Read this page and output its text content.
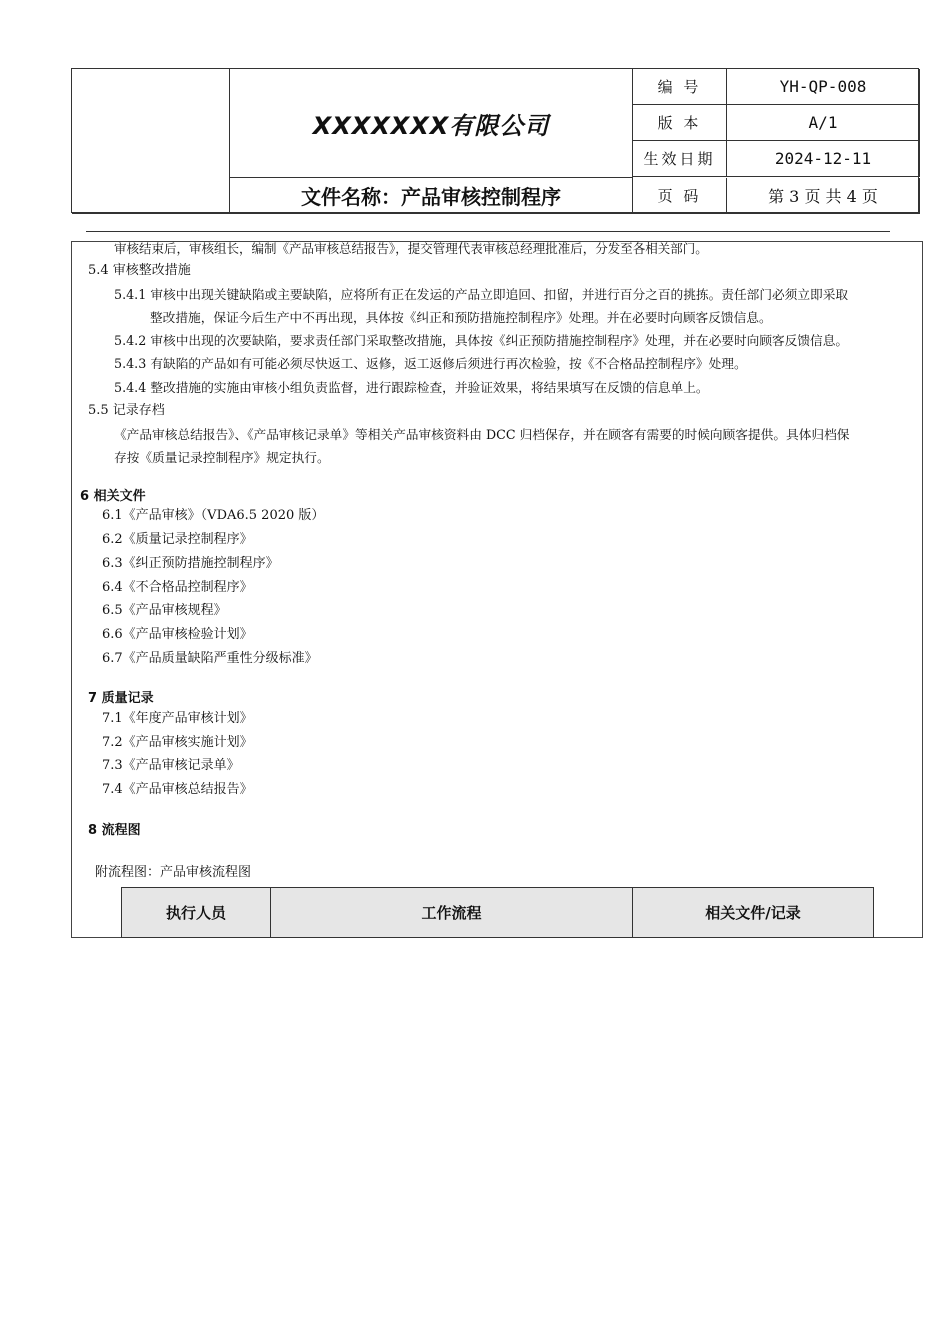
XXXXXXX有限公司
文件名称：产品审核控制程序
编 号	YH-QP-008
版 本	A/1
生效日期	2024-12-11
页 码	第 3 页 共 4 页
审核结束后，审核组长，编制《产品审核总结报告》，提交管理代表审核总经理批准后，分发至各相关部门。
5.4 审核整改措施
5.4.1 审核中出现关键缺陷或主要缺陷，应将所有正在发运的产品立即追回、扣留，并进行百分之百的挑拣。责任部门必须立即采取
整改措施，保证今后生产中不再出现，具体按《纠正和预防措施控制程序》处理。并在必要时向顾客反馈信息。
5.4.2 审核中出现的次要缺陷，要求责任部门采取整改措施，具体按《纠正预防措施控制程序》处理，并在必要时向顾客反馈信息。
5.4.3 有缺陷的产品如有可能必须尽快返工、返修，返工返修后须进行再次检验，按《不合格品控制程序》处理。
5.4.4 整改措施的实施由审核小组负责监督，进行跟踪检查，并验证效果，将结果填写在反馈的信息单上。
5.5 记录存档
《产品审核总结报告》、《产品审核记录单》等相关产品审核资料由 DCC 归档保存，并在顾客有需要的时候向顾客提供。具体归档保
存按《质量记录控制程序》规定执行。
6 相关文件
6.1《产品审核》（VDA6.5 2020 版）
6.2《质量记录控制程序》
6.3《纠正预防措施控制程序》
6.4《不合格品控制程序》
6.5《产品审核规程》
6.6《产品审核检验计划》
6.7《产品质量缺陷严重性分级标准》
7 质量记录
7.1《年度产品审核计划》
7.2《产品审核实施计划》
7.3《产品审核记录单》
7.4《产品审核总结报告》
8 流程图
附流程图：产品审核流程图
执行人员	工作流程	相关文件/记录
